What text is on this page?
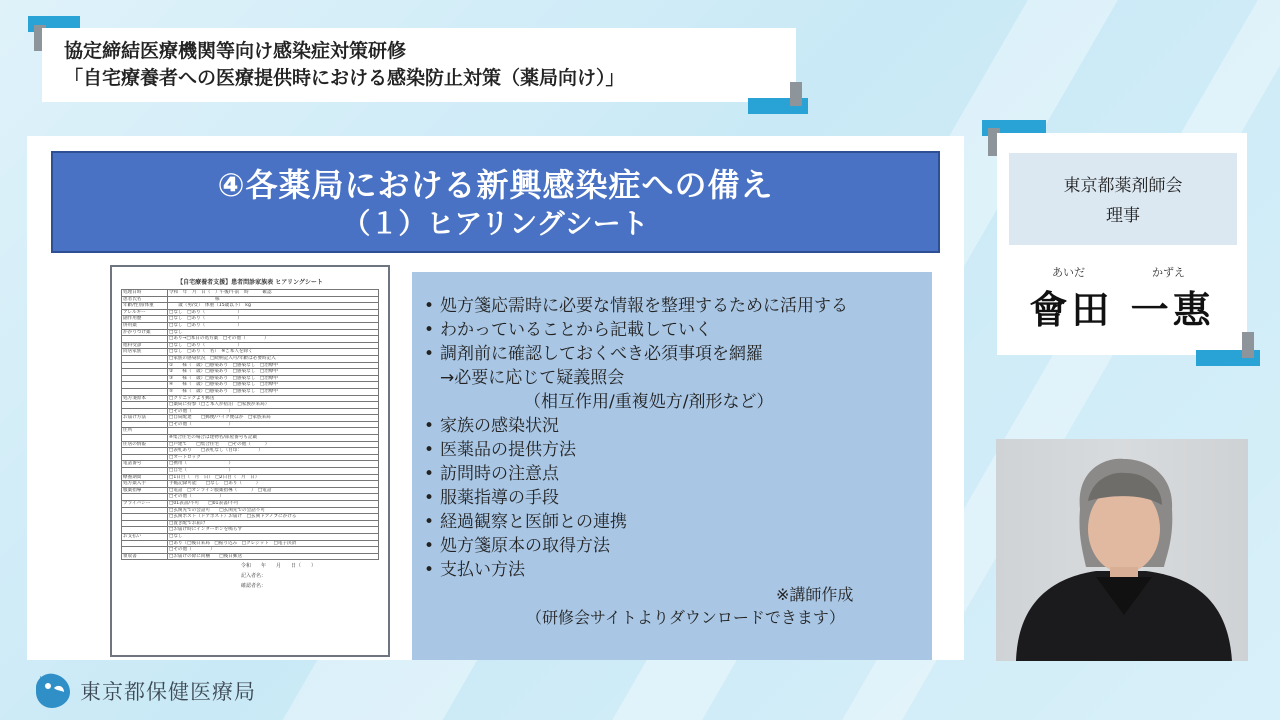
協定締結医療機関等向け感染症対策研修
「自宅療養者への医療提供時における感染防止対策（薬局向け）」
④各薬局における新興感染症への備え
（１）ヒアリングシート
【自宅療養者支援】患者問診家族表 ヒアリングシート
処理日時	令和　年　月　日（　）午後/午前　時　　　確認
患者氏名	　　　　　　　　　　様
年齢/性別/体重	　　歳（男/女）　体重（15歳以下）　kg
アレルギー	□なし　□あり（　　　　　　　）
副作用歴	□なし　□あり（　　　　　　　）
併用薬	□なし　□あり（　　　　　　　）
かかりつけ薬	□なし
	□あり→□本日の処方薬　□その他（　　　　）
他科受診	□なし　□あり（　　　　　　　）
同居家族	□なし　□あり（　名）　※ご本人を除く
	□家族の感染状況　□続柄記入可/年齢は必要時記入
	①　　様（　歳）□感染あり　□感染なし　□治療中
	②　　様（　歳）□感染あり　□感染なし　□治療中
	③　　様（　歳）□感染あり　□感染なし　□治療中
	④　　様（　歳）□感染あり　□感染なし　□治療中
	⑤　　様（　歳）□感染あり　□感染なし　□治療中
処方箋原本	□クリニックより郵送
	□薬局に持参（□ご本人が宿泊　□家族が来局）
	□その他（　　　　　　　　）
お届け方法	□自局配達　　□郵便/バイク便ほか　□家族来局
	□その他（　　　　　　　　）
住所	
	※集合住宅の場合は建物名/部屋番号も記載
住居の情報	□戸建て　　□集合住宅　　□その他（　　　）
	□表札あり　　□表札なし（目印：　　　　）
	□オートロック
電話番号	□携帯（　　　　　　　　　）
	□自宅（　　　　　　　　　）
療養期間	□1日目（　月　日）　□2日目（　月　日）
処方薬入手	手帳記録可能　　□なし　□あり（　　　）
服薬指導	□電話　□オンライン服薬指導（　　　）　□電話
	□その他（　　　　　　）
プライバシー	□01表書/不可　　□01表書/不可
	□玄関先での会話可　　□玄関先での会話不可
	□玄関ポスト（ドアポスト）お届け　□玄関ドアノブにかける
	□置き配でお届け
	□お届け時にインターホンを鳴らす
お支払い	□なし
	□あり（□後日来局　□振り込み　□クレジット　□電子決済
	□その他（　　　　）
領収書	□お届けの際に同梱　　□後日郵送
令和　　年　　月　　日（　　）
記入者名：
確認者名：
• 処方箋応需時に必要な情報を整理するために活用する
• わかっていることから記載していく
• 調剤前に確認しておくべき必須事項を網羅
→必要に応じて疑義照会
（相互作用/重複処方/剤形など）
• 家族の感染状況
• 医薬品の提供方法
• 訪問時の注意点
• 服薬指導の手段
• 経過観察と医師との連携
• 処方箋原本の取得方法
• 支払い方法
※講師作成
（研修会サイトよりダウンロードできます）
東京都薬剤師会
理事
あいだ	かずえ
會田 一惠
東京都保健医療局
